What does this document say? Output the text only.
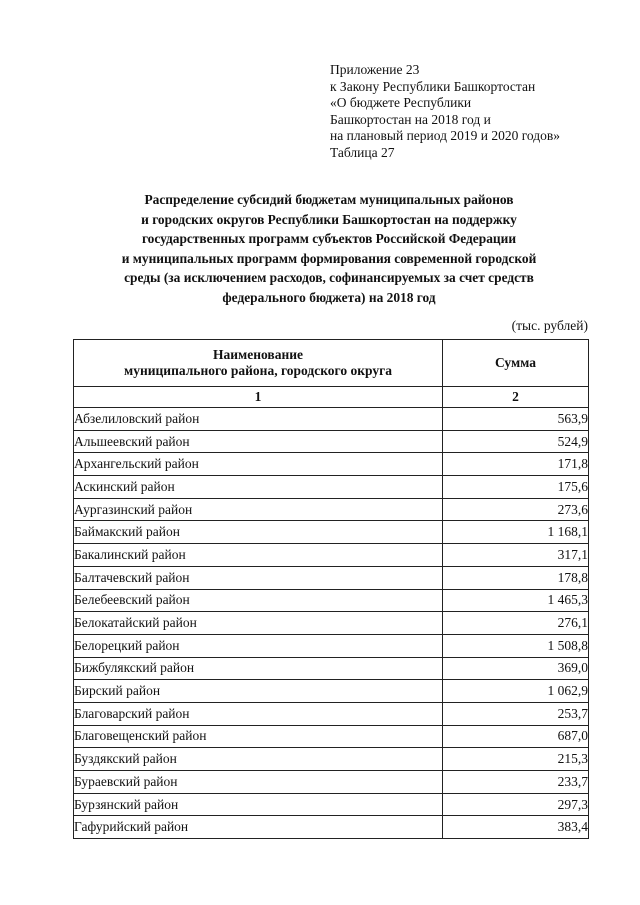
Приложение 23
к Закону Республики Башкортостан
«О бюджете Республики
Башкортостан на 2018 год и
на плановый период 2019 и 2020 годов»
Таблица 27
Распределение субсидий бюджетам муниципальных районов
и городских округов Республики Башкортостан на поддержку
государственных программ субъектов Российской Федерации
и муниципальных программ формирования современной городской
среды (за исключением расходов, софинансируемых за счет средств
федерального бюджета) на 2018 год
(тыс. рублей)
Наименование
муниципального района, городского округа	Сумма
1	2
Абзелиловский район	563,9
Альшеевский район	524,9
Архангельский район	171,8
Аскинский район	175,6
Аургазинский район	273,6
Баймакский район	1 168,1
Бакалинский район	317,1
Балтачевский район	178,8
Белебеевский район	1 465,3
Белокатайский район	276,1
Белорецкий район	1 508,8
Бижбулякский район	369,0
Бирский район	1 062,9
Благоварский район	253,7
Благовещенский район	687,0
Буздякский район	215,3
Бураевский район	233,7
Бурзянский район	297,3
Гафурийский район	383,4
